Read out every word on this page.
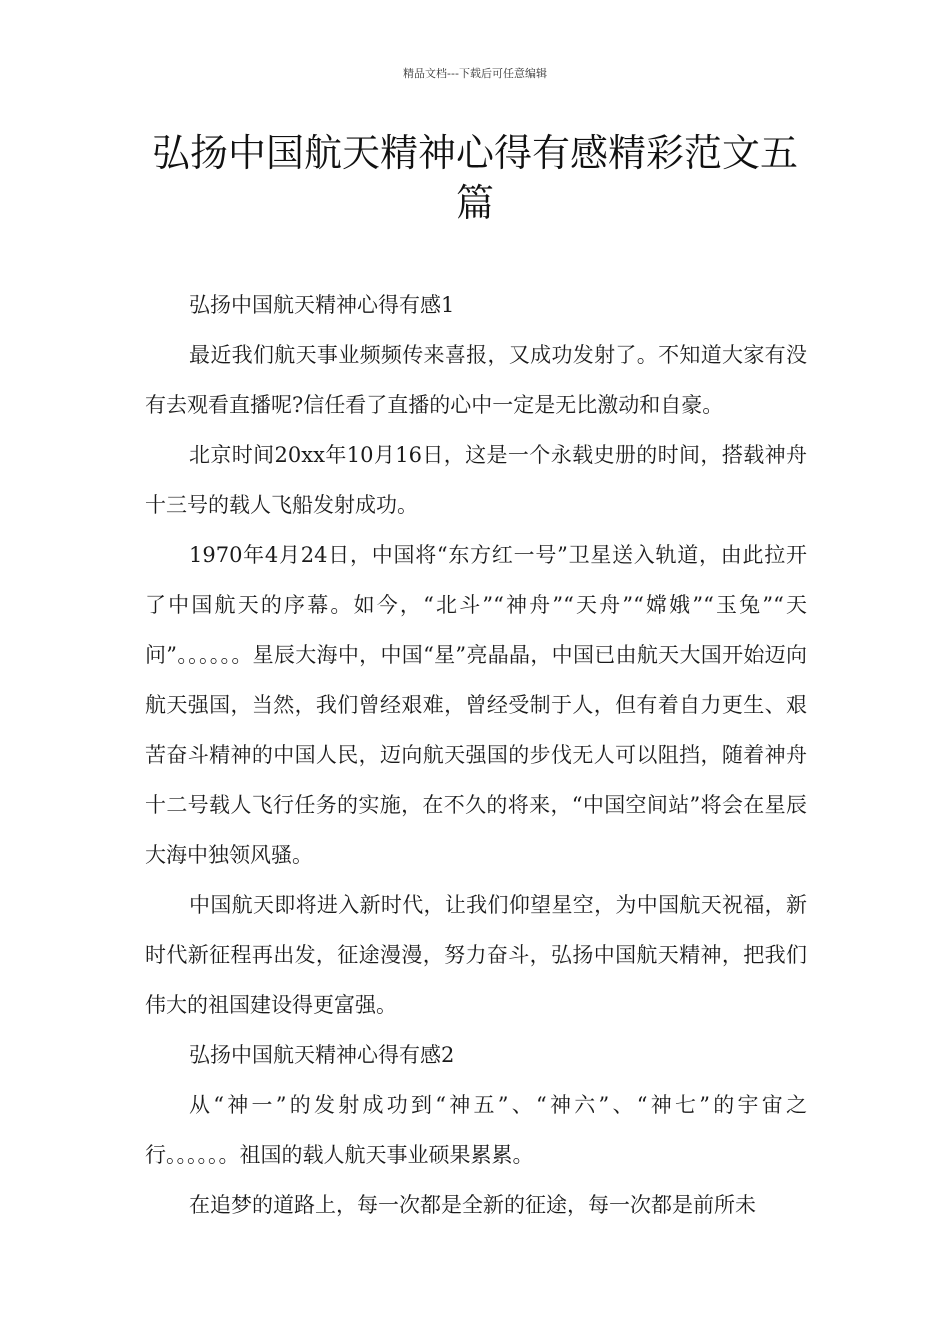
精品文档---下载后可任意编辑
弘扬中国航天精神心得有感精彩范文五篇

弘扬中国航天精神心得有感1

最近我们航天事业频频传来喜报，又成功发射了。不知道大家有没有去观看直播呢?信任看了直播的心中一定是无比激动和自豪。

北京时间20xx年10月16日，这是一个永载史册的时间，搭载神舟十三号的载人飞船发射成功。

1970年4月24日，中国将“东方红一号”卫星送入轨道，由此拉开了中国航天的序幕。如今，“北斗”“神舟”“天舟”“嫦娥”“玉兔”“天问”。。。。。。星辰大海中，中国“星”亮晶晶，中国已由航天大国开始迈向航天强国，当然，我们曾经艰难，曾经受制于人，但有着自力更生、艰苦奋斗精神的中国人民，迈向航天强国的步伐无人可以阻挡，随着神舟十二号载人飞行任务的实施，在不久的将来，“中国空间站”将会在星辰大海中独领风骚。

中国航天即将进入新时代，让我们仰望星空，为中国航天祝福，新时代新征程再出发，征途漫漫，努力奋斗，弘扬中国航天精神，把我们伟大的祖国建设得更富强。

弘扬中国航天精神心得有感2

从“神一”的发射成功到“神五”、“神六”、“神七”的宇宙之行。。。。。。祖国的载人航天事业硕果累累。

在追梦的道路上，每一次都是全新的征途，每一次都是前所未
